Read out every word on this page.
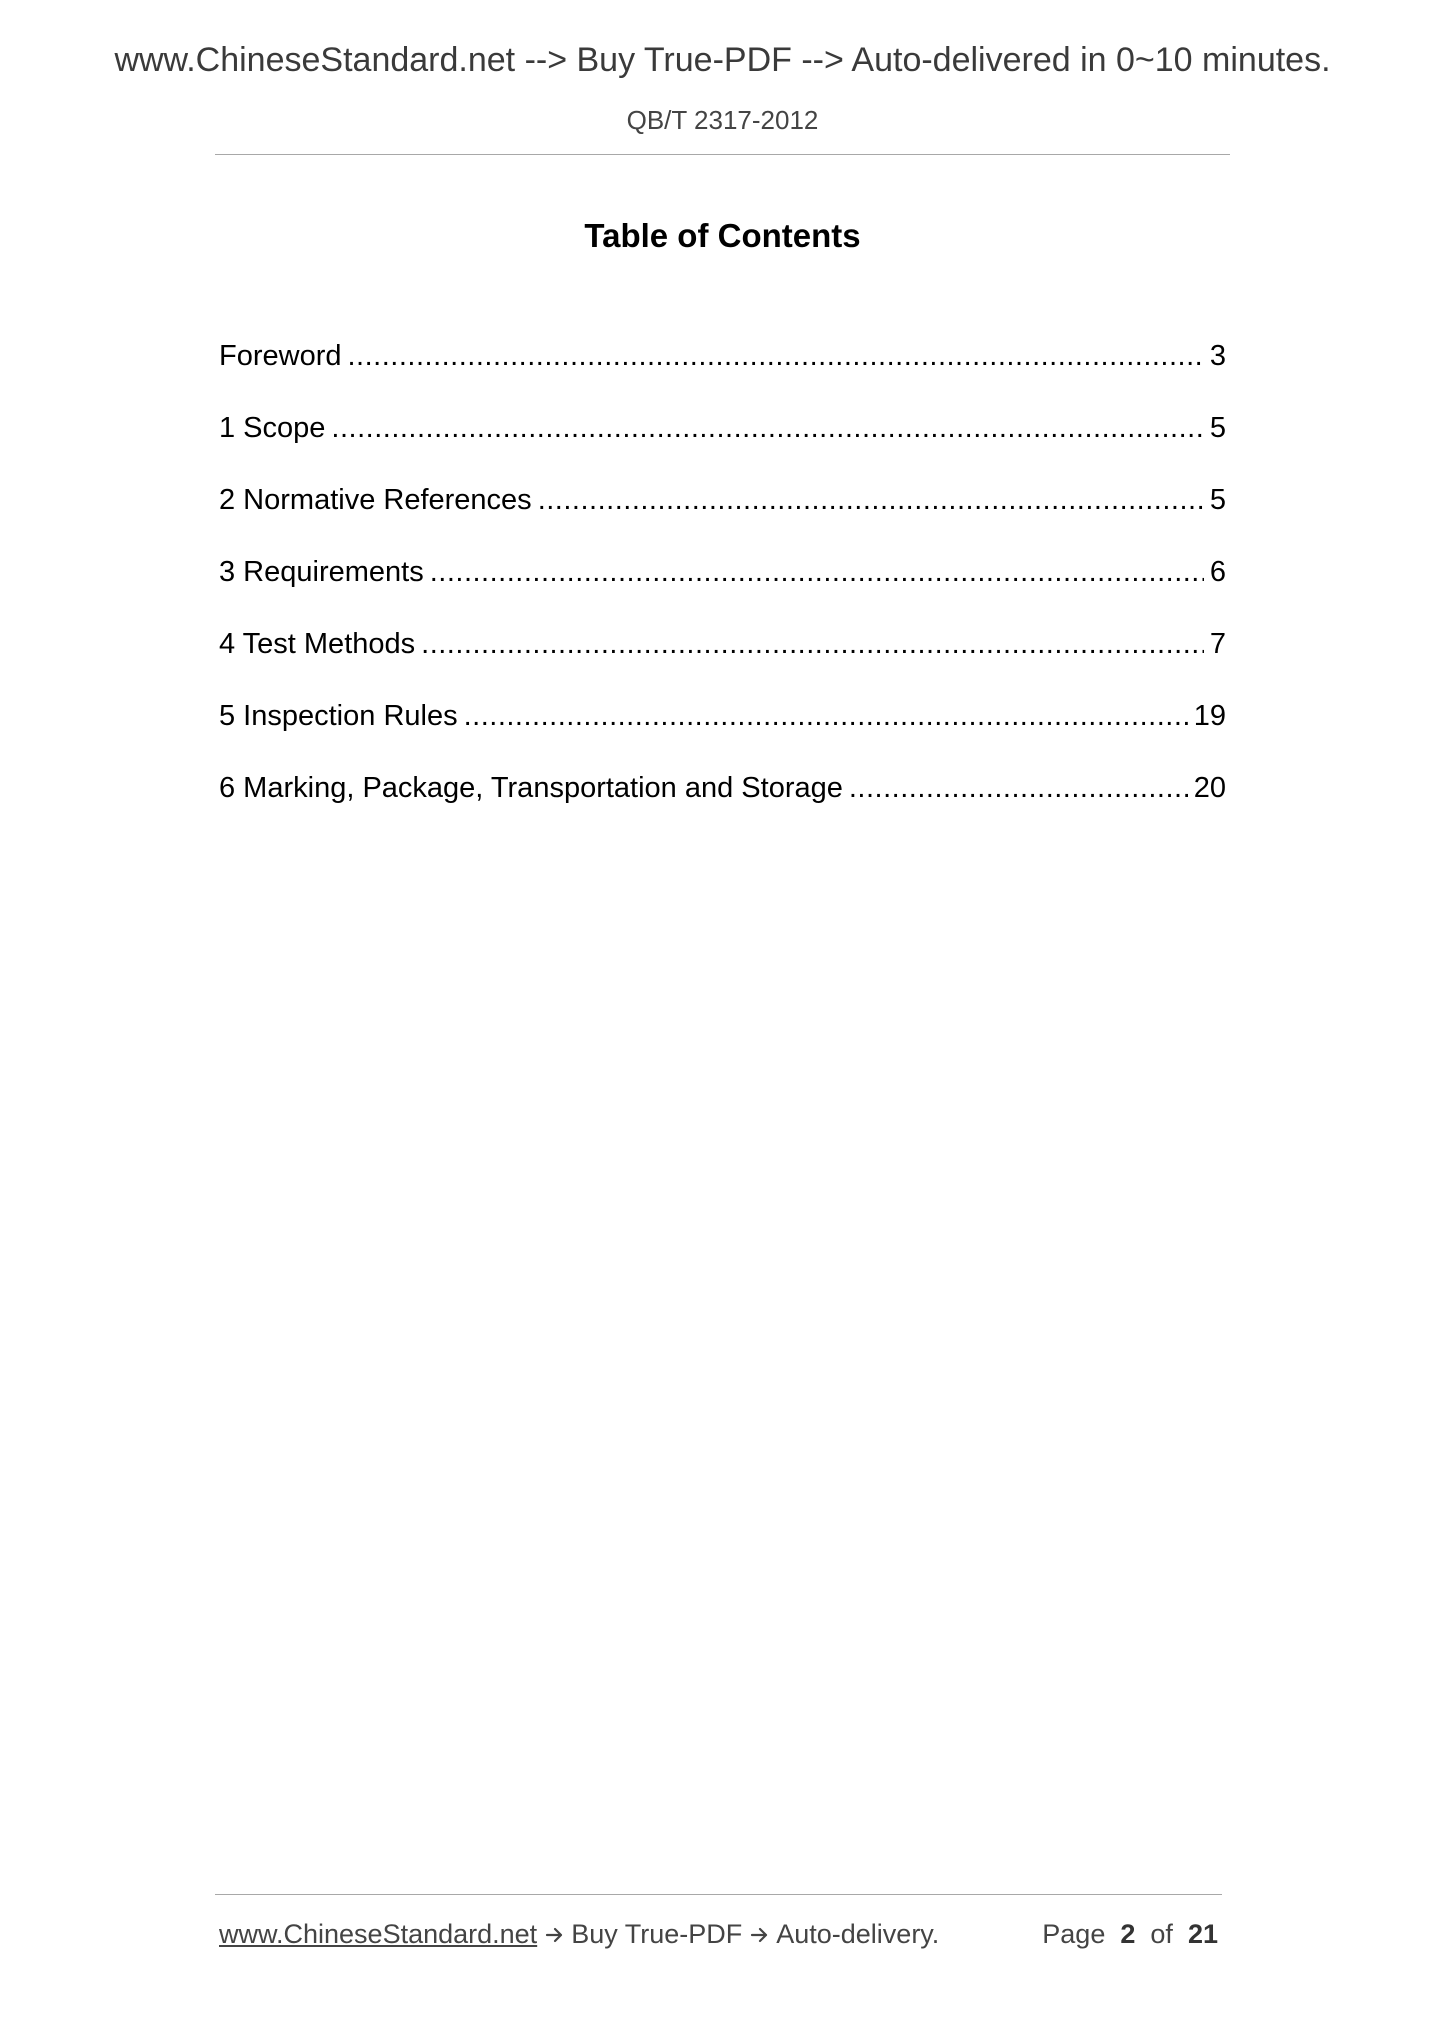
www.ChineseStandard.net --> Buy True-PDF --> Auto-delivered in 0~10 minutes.
QB/T 2317-2012
Table of Contents
Foreword .....	3
1 Scope .....	5
2 Normative References .....	5
3 Requirements .....	6
4 Test Methods .....	7
5 Inspection Rules .....	19
6 Marking, Package, Transportation and Storage .....	20
www.ChineseStandard.net Buy True-PDF Auto-delivery.	Page 2 of 21
